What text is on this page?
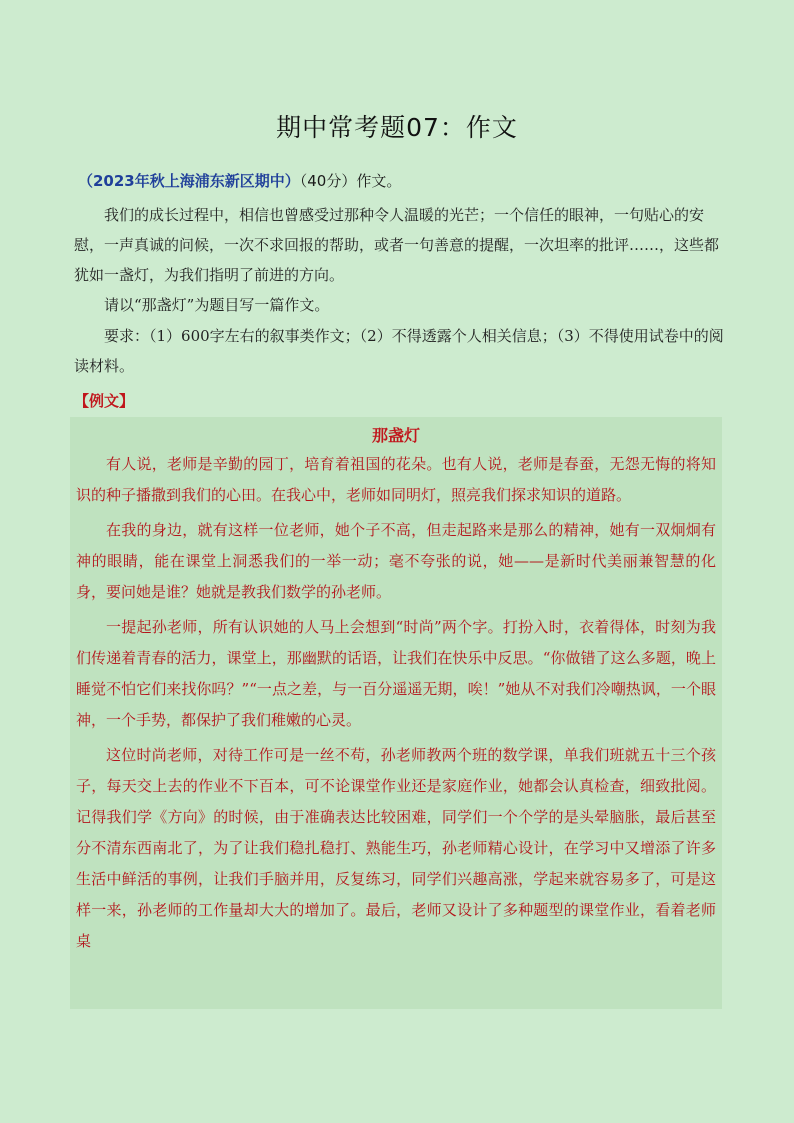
期中常考题07：作文
（2023年秋上海浦东新区期中）（40分）作文。

我们的成长过程中，相信也曾感受过那种令人温暖的光芒；一个信任的眼神，一句贴心的安慰，一声真诚的问候，一次不求回报的帮助，或者一句善意的提醒，一次坦率的批评……，这些都犹如一盏灯，为我们指明了前进的方向。

请以“那盏灯”为题目写一篇作文。

要求：（1）600字左右的叙事类作文；（2）不得透露个人相关信息；（3）不得使用试卷中的阅读材料。

【例文】
那盏灯

有人说，老师是辛勤的园丁，培育着祖国的花朵。也有人说，老师是春蚕，无怨无悔的将知识的种子播撒到我们的心田。在我心中，老师如同明灯，照亮我们探求知识的道路。

在我的身边，就有这样一位老师，她个子不高，但走起路来是那么的精神，她有一双炯炯有神的眼睛，能在课堂上洞悉我们的一举一动；毫不夸张的说，她——是新时代美丽兼智慧的化身，要问她是谁？她就是教我们数学的孙老师。

一提起孙老师，所有认识她的人马上会想到“时尚”两个字。打扮入时，衣着得体，时刻为我们传递着青春的活力，课堂上，那幽默的话语，让我们在快乐中反思。“你做错了这么多题，晚上睡觉不怕它们来找你吗？”“一点之差，与一百分遥遥无期，唉！”她从不对我们冷嘲热讽，一个眼神，一个手势，都保护了我们稚嫩的心灵。

这位时尚老师，对待工作可是一丝不苟，孙老师教两个班的数学课，单我们班就五十三个孩子，每天交上去的作业不下百本，可不论课堂作业还是家庭作业，她都会认真检查，细致批阅。记得我们学《方向》的时候，由于准确表达比较困难，同学们一个个学的是头晕脑胀，最后甚至分不清东西南北了，为了让我们稳扎稳打、熟能生巧，孙老师精心设计，在学习中又增添了许多生活中鲜活的事例，让我们手脑并用，反复练习，同学们兴趣高涨，学起来就容易多了，可是这样一来，孙老师的工作量却大大的增加了。最后，老师又设计了多种题型的课堂作业，看着老师桌
